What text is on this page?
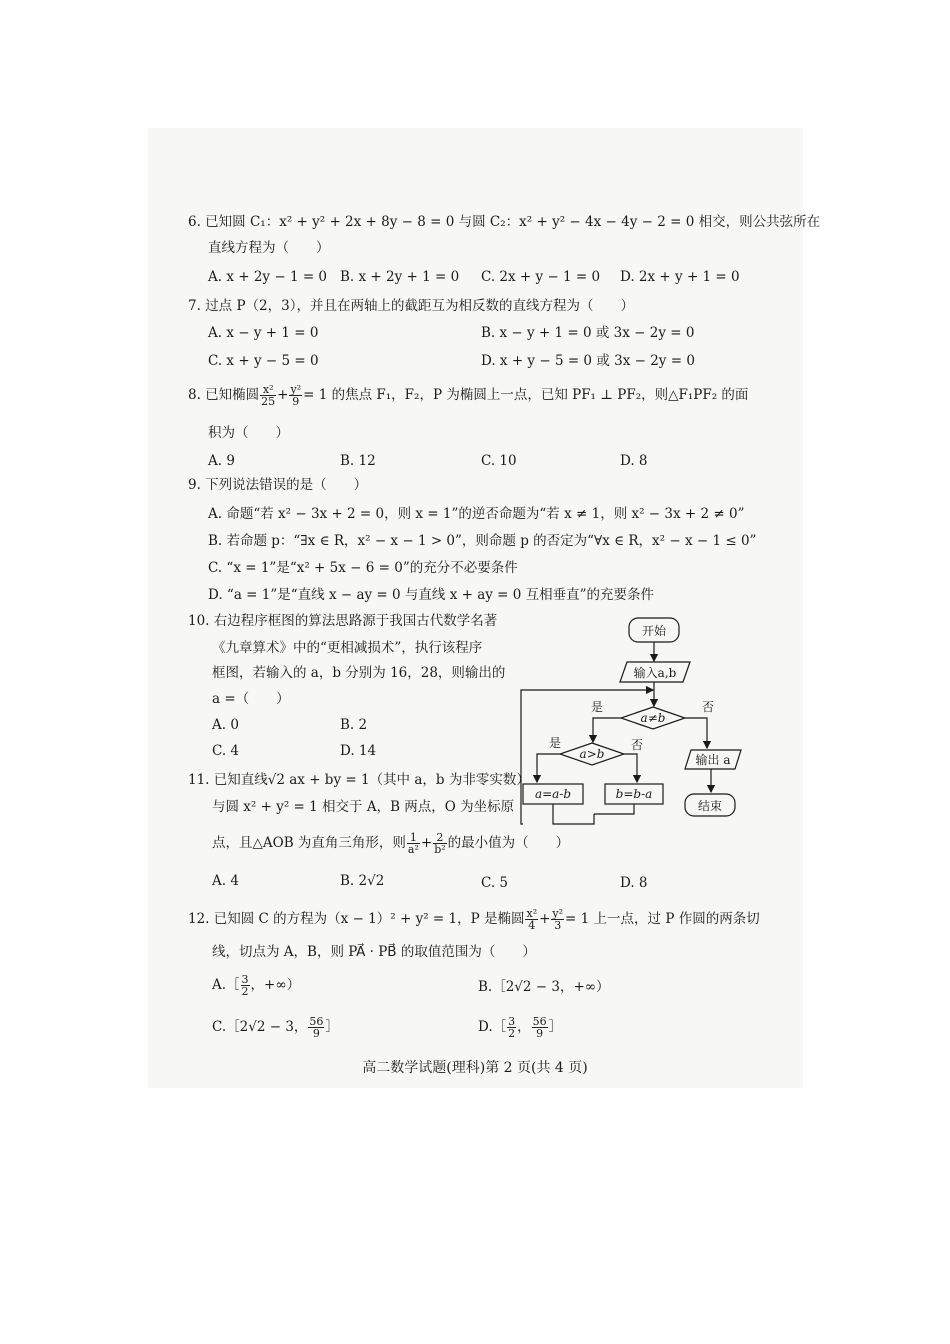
6. 已知圆 C₁：x² + y² + 2x + 8y − 8 = 0 与圆 C₂：x² + y² − 4x − 4y − 2 = 0 相交，则公共弦所在
直线方程为（　　）
A. x + 2y − 1 = 0 B. x + 2y + 1 = 0 C. 2x + y − 1 = 0 D. 2x + y + 1 = 0
7. 过点 P（2，3），并且在两轴上的截距互为相反数的直线方程为（　　）
A. x − y + 1 = 0	B. x − y + 1 = 0 或 3x − 2y = 0
C. x + y − 5 = 0	D. x + y − 5 = 0 或 3x − 2y = 0
8. 已知椭圆 $\frac{\text{x²}}{25} + \frac{\text{y²}}{9} = 1$ 的焦点 F₁，F₂，P 为椭圆上一点，已知 PF₁ ⊥ PF₂，则△F₁PF₂ 的面
积为（　　）
A. 9	B. 12	C. 10	D. 8
9. 下列说法错误的是（　　）
A. 命题“若 x² − 3x + 2 = 0，则 x = 1”的逆否命题为“若 x ≠ 1，则 x² − 3x + 2 ≠ 0”
B. 若命题 p：“∃x ∈ R，x² − x − 1 > 0”，则命题 p 的否定为“∀x ∈ R，x² − x − 1 ≤ 0”
C. “x = 1”是“x² + 5x − 6 = 0”的充分不必要条件
D. “a = 1”是“直线 x − ay = 0 与直线 x + ay = 0 互相垂直”的充要条件
10. 右边程序框图的算法思路源于我国古代数学名著
《九章算术》中的“更相减损术”，执行该程序
框图，若输入的 a，b 分别为 16，28，则输出的
a =（　　）
A. 0	B. 2
C. 4	D. 14
开始
输入a,b
a≠b
是	否
a>b
是	否
a=a-b	b=b-a
输出 a
结束
11. 已知直线√2 ax + by = 1（其中 a，b 为非零实数）
与圆 x² + y² = 1 相交于 A，B 两点，O 为坐标原
点，且△AOB 为直角三角形，则 $\frac{1}{\text{a²}} + \frac{2}{\text{b²}}$ 的最小值为（　　）
A. 4	B. 2√2	C. 5	D. 8
12. 已知圆 C 的方程为（x − 1）² + y² = 1，P 是椭圆 $\frac{\text{x²}}{4} + \frac{\text{y²}}{3} = 1$ 上一点，过 P 作圆的两条切
线，切点为 A，B，则 PA⃗ · PB⃗ 的取值范围为（　　）
A.［ $\frac{3}{2}$ ，+∞）	B.［2√2 − 3，+∞）
C.［2√2 − 3， $\frac{56}{9}$ ］	D.［ $\frac{3}{2}$ ， $\frac{56}{9}$ ］
高二数学试题(理科)第 2 页(共 4 页)
